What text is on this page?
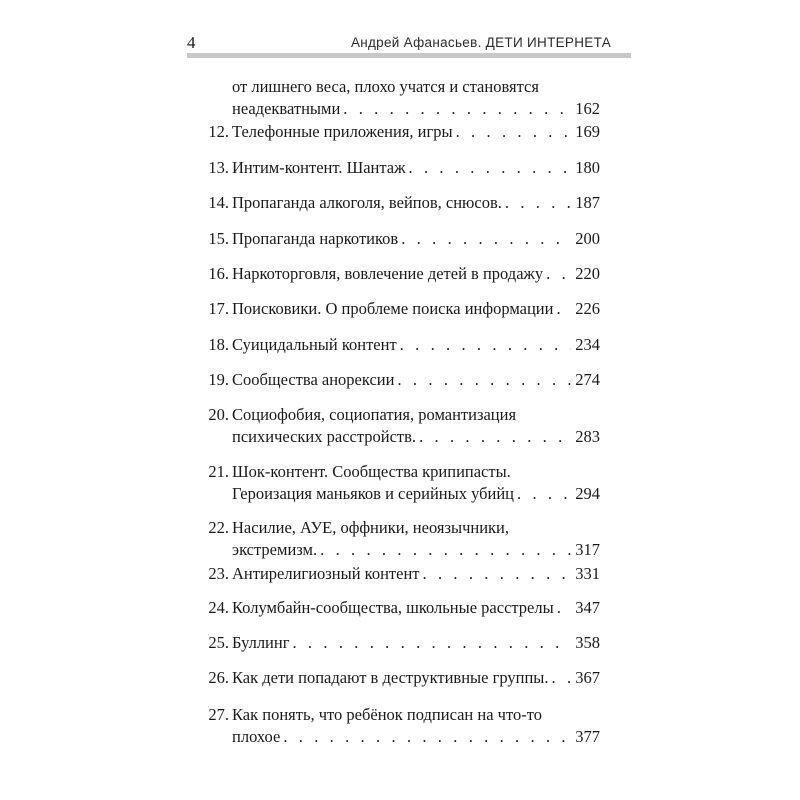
4	Андрей Афанасьев. ДЕТИ ИНТЕРНЕТА
от лишнего веса, плохо учатся и становятся
неадекватными . . .	162
12. Телефонные приложения, игры . . .	169
13. Интим-контент. Шантаж . . .	180
14. Пропаганда алкоголя, вейпов, снюсов. . . .	187
15. Пропаганда наркотиков . . .	200
16. Наркоторговля, вовлечение детей в продажу . . . 220
17. Поисковики. О проблеме поиска информации . . . 226
18. Суицидальный контент . . .	234
19. Сообщества анорексии . . .	274
20. Социофобия, социопатия, романтизация
психических расстройств. . . .	283
21. Шок-контент. Сообщества крипипасты.
Героизация маньяков и серийных убийц . . .	294
22. Насилие, АУЕ, оффники, неоязычники,
экстремизм. . . .	317
23. Антирелигиозный контент . . .	331
24. Колумбайн-сообщества, школьные расстрелы . . . 347
25. Буллинг . . .	358
26. Как дети попадают в деструктивные группы. . . . 367
27. Как понять, что ребёнок подписан на что-то
плохое . . .	377
